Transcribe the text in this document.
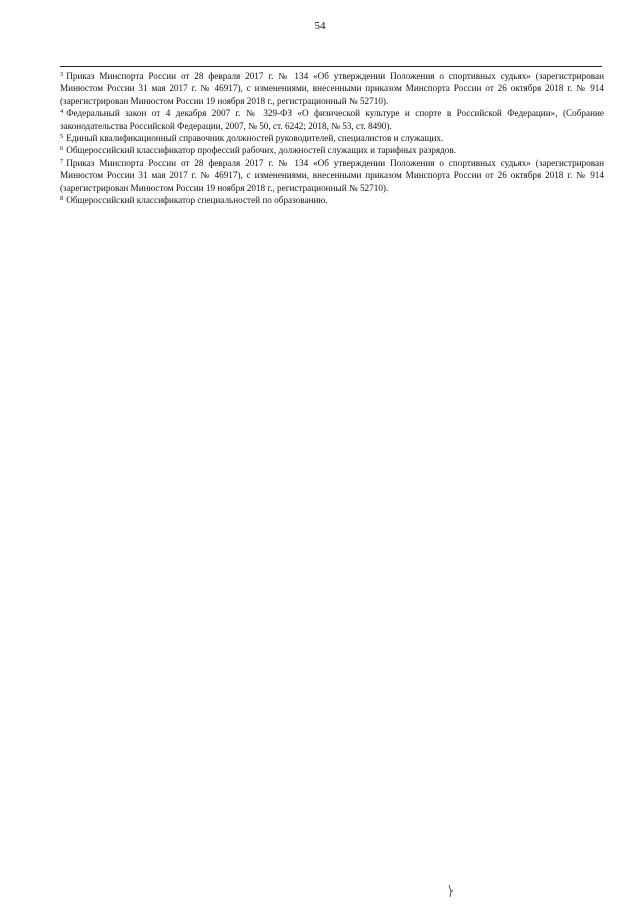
54

$^3$ Приказ Минспорта России от 28 февраля 2017 г. № 134 «Об утверждении Положения о спортивных судьях» (зарегистрирован Минюстом России 31 мая 2017 г. № 46917), с изменениями, внесенными приказом Минспорта России от 26 октября 2018 г. № 914 (зарегистрирован Минюстом России 19 ноября 2018 г., регистрационный № 52710).

$^4$ Федеральный закон от 4 декабря 2007 г. № 329-ФЗ «О физической культуре и спорте в Российской Федерации», (Собрание законодательства Российской Федерации, 2007, № 50, ст. 6242; 2018, № 53, ст. 8490).

$^5$ Единый квалификационный справочник должностей руководителей, специалистов и служащих.

$^6$ Общероссийский классификатор профессий рабочих, должностей служащих и тарифных разрядов.

$^7$ Приказ Минспорта России от 28 февраля 2017 г. № 134 «Об утверждении Положения о спортивных судьях» (зарегистрирован Минюстом России 31 мая 2017 г. № 46917), с изменениями, внесенными приказом Минспорта России от 26 октября 2018 г. № 914 (зарегистрирован Минюстом России 19 ноября 2018 г., регистрационный № 52710).

$^8$ Общероссийский классификатор специальностей по образованию.
